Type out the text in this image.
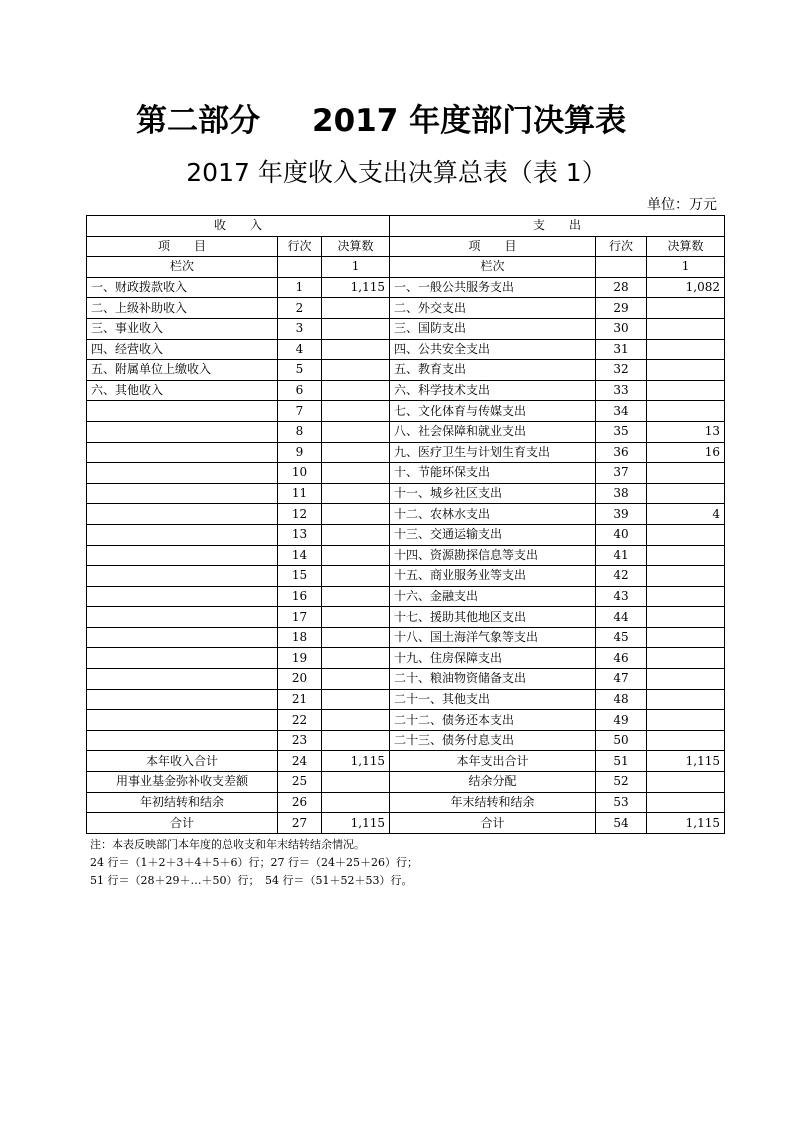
第二部分 2017 年度部门决算表
2017 年度收入支出决算总表（表 1）
单位：万元
收　　入			支　　出		
项　　目	行次	决算数	项　　目	行次	决算数
栏次		1	栏次		1
一、财政拨款收入	1	1,115	一、一般公共服务支出	28	1,082
二、上级补助收入	2		二、外交支出	29	
三、事业收入	3		三、国防支出	30	
四、经营收入	4		四、公共安全支出	31	
五、附属单位上缴收入	5		五、教育支出	32	
六、其他收入	6		六、科学技术支出	33	
	7		七、文化体育与传媒支出	34	
	8		八、社会保障和就业支出	35	13
	9		九、医疗卫生与计划生育支出	36	16
	10		十、节能环保支出	37	
	11		十一、城乡社区支出	38	
	12		十二、农林水支出	39	4
	13		十三、交通运输支出	40	
	14		十四、资源勘探信息等支出	41	
	15		十五、商业服务业等支出	42	
	16		十六、金融支出	43	
	17		十七、援助其他地区支出	44	
	18		十八、国土海洋气象等支出	45	
	19		十九、住房保障支出	46	
	20		二十、粮油物资储备支出	47	
	21		二十一、其他支出	48	
	22		二十二、债务还本支出	49	
	23		二十三、债务付息支出	50	
本年收入合计	24	1,115	本年支出合计	51	1,115
用事业基金弥补收支差额	25		结余分配	52	
年初结转和结余	26		年末结转和结余	53	
合计	27	1,115	合计	54	1,115
注：本表反映部门本年度的总收支和年末结转结余情况。
24 行＝（1＋2＋3＋4＋5＋6）行；27 行＝（24＋25＋26）行；
51 行＝（28＋29＋…＋50）行；　54 行＝（51＋52＋53）行。
